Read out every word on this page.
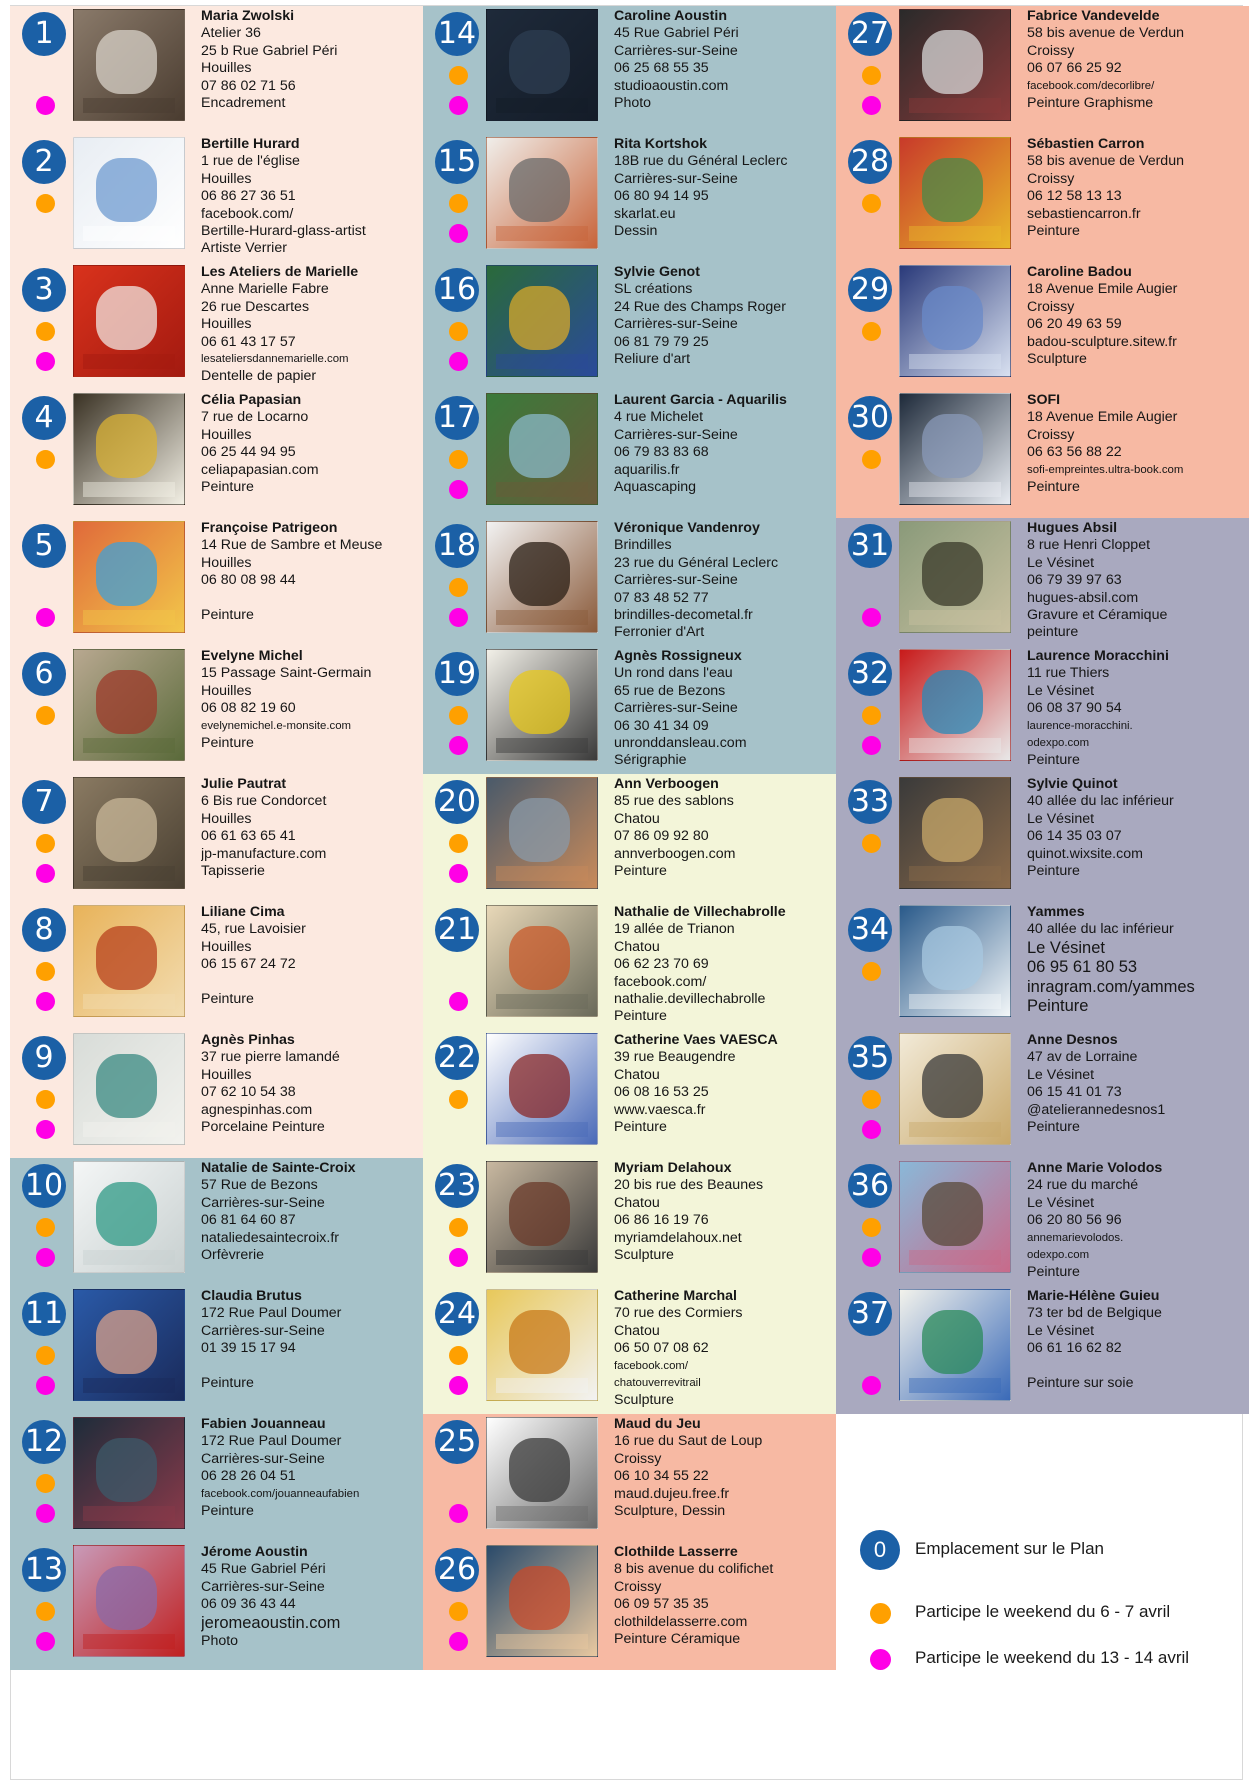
1	Maria Zwolski
Atelier 36
25 b Rue Gabriel Péri
Houilles
07 86 02 71 56
Encadrement
2	Bertille Hurard
1 rue de l'église
Houilles
06 86 27 36 51
facebook.com/
Bertille-Hurard-glass-artist
Artiste Verrier
3	Les Ateliers de Marielle
Anne Marielle Fabre
26 rue Descartes
Houilles
06 61 43 17 57
lesateliersdannemarielle.com
Dentelle de papier
4	Célia Papasian
7 rue de Locarno
Houilles
06 25 44 94 95
celiapapasian.com
Peinture
5	Françoise Patrigeon
14 Rue de Sambre et Meuse
Houilles
06 80 08 98 44
Peinture
6	Evelyne Michel
15 Passage Saint-Germain
Houilles
06 08 82 19 60
evelynemichel.e-monsite.com
Peinture
7	Julie Pautrat
6 Bis rue Condorcet
Houilles
06 61 63 65 41
jp-manufacture.com
Tapisserie
8	Liliane Cima
45, rue Lavoisier
Houilles
06 15 67 24 72
Peinture
9	Agnès Pinhas
37 rue pierre lamandé
Houilles
07 62 10 54 38
agnespinhas.com
Porcelaine Peinture
10	Natalie de Sainte-Croix
57 Rue de Bezons
Carrières-sur-Seine
06 81 64 60 87
nataliedesaintecroix.fr
Orfèvrerie
11	Claudia Brutus
172 Rue Paul Doumer
Carrières-sur-Seine
01 39 15 17 94
Peinture
12	Fabien Jouanneau
172 Rue Paul Doumer
Carrières-sur-Seine
06 28 26 04 51
facebook.com/jouanneaufabien
Peinture
13	Jérome Aoustin
45 Rue Gabriel Péri
Carrières-sur-Seine
06 09 36 43 44
jeromeaoustin.com
Photo
14	Caroline Aoustin
45 Rue Gabriel Péri
Carrières-sur-Seine
06 25 68 55 35
studioaoustin.com
Photo
15	Rita Kortshok
18B rue du Général Leclerc
Carrières-sur-Seine
06 80 94 14 95
skarlat.eu
Dessin
16	Sylvie Genot
SL créations
24 Rue des Champs Roger
Carrières-sur-Seine
06 81 79 79 25
Reliure d'art
17	Laurent Garcia - Aquarilis
4 rue Michelet
Carrières-sur-Seine
06 79 83 83 68
aquarilis.fr
Aquascaping
18	Véronique Vandenroy
Brindilles
23 rue du Général Leclerc
Carrières-sur-Seine
07 83 48 52 77
brindilles-decometal.fr
Ferronier d'Art
19	Agnès Rossigneux
Un rond dans l'eau
65 rue de Bezons
Carrières-sur-Seine
06 30 41 34 09
unronddansleau.com
Sérigraphie
20	Ann Verboogen
85 rue des sablons
Chatou
07 86 09 92 80
annverboogen.com
Peinture
21	Nathalie de Villechabrolle
19 allée de Trianon
Chatou
06 62 23 70 69
facebook.com/
nathalie.devillechabrolle
Peinture
22	Catherine Vaes VAESCA
39 rue Beaugendre
Chatou
06 08 16 53 25
www.vaesca.fr
Peinture
23	Myriam Delahoux
20 bis rue des Beaunes
Chatou
06 86 16 19 76
myriamdelahoux.net
Sculpture
24	Catherine Marchal
70 rue des Cormiers
Chatou
06 50 07 08 62
facebook.com/
chatouverrevitrail
Sculpture
25	Maud du Jeu
16 rue du Saut de Loup
Croissy
06 10 34 55 22
maud.dujeu.free.fr
Sculpture, Dessin
26	Clothilde Lasserre
8 bis avenue du colifichet
Croissy
06 09 57 35 35
clothildelasserre.com
Peinture Céramique
27	Fabrice Vandevelde
58 bis avenue de Verdun
Croissy
06 07 66 25 92
facebook.com/decorlibre/
Peinture Graphisme
28	Sébastien Carron
58 bis avenue de Verdun
Croissy
06 12 58 13 13
sebastiencarron.fr
Peinture
29	Caroline Badou
18 Avenue Emile Augier
Croissy
06 20 49 63 59
badou-sculpture.sitew.fr
Sculpture
30	SOFI
18 Avenue Emile Augier
Croissy
06 63 56 88 22
sofi-empreintes.ultra-book.com
Peinture
31	Hugues Absil
8 rue Henri Cloppet
Le Vésinet
06 79 39 97 63
hugues-absil.com
Gravure et Céramique
peinture
32	Laurence Moracchini
11 rue Thiers
Le Vésinet
06 08 37 90 54
laurence-moracchini.
odexpo.com
Peinture
33	Sylvie Quinot
40 allée du lac inférieur
Le Vésinet
06 14 35 03 07
quinot.wixsite.com
Peinture
34	Yammes
40 allée du lac inférieur
Le Vésinet
06 95 61 80 53
inragram.com/yammes
Peinture
35	Anne Desnos
47 av de Lorraine
Le Vésinet
06 15 41 01 73
@atelierannedesnos1
Peinture
36	Anne Marie Volodos
24 rue du marché
Le Vésinet
06 20 80 56 96
annemarievolodos.
odexpo.com
Peinture
37	Marie-Hélène Guieu
73 ter bd de Belgique
Le Vésinet
06 61 16 62 82
Peinture sur soie
0	Emplacement sur le Plan
Participe le weekend du 6 - 7 avril
Participe le weekend du 13 - 14 avril
